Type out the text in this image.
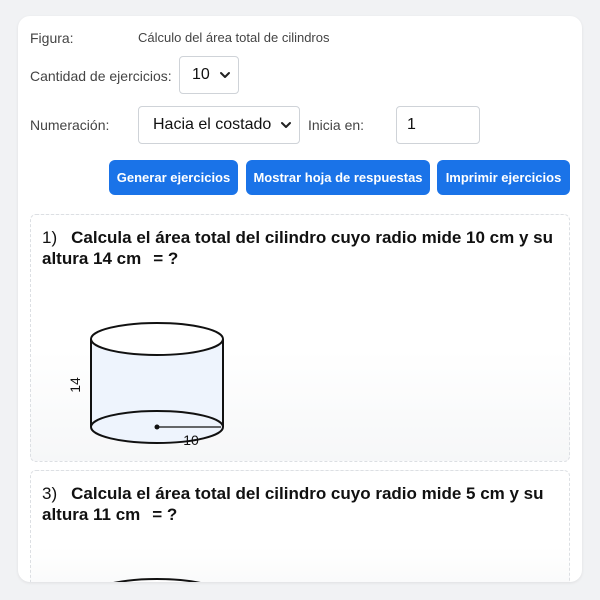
Figura:	Cálculo del área total de cilindros
Cantidad de ejercicios: 10
Numeración:	Hacia el costado	Inicia en:	1
Generar ejercicios	Mostrar hoja de respuestas	Imprimir ejercicios
1) Calcula el área total del cilindro cuyo radio mide 10 cm y su altura 14 cm = ?
10
14
3) Calcula el área total del cilindro cuyo radio mide 5 cm y su altura 11 cm = ?
